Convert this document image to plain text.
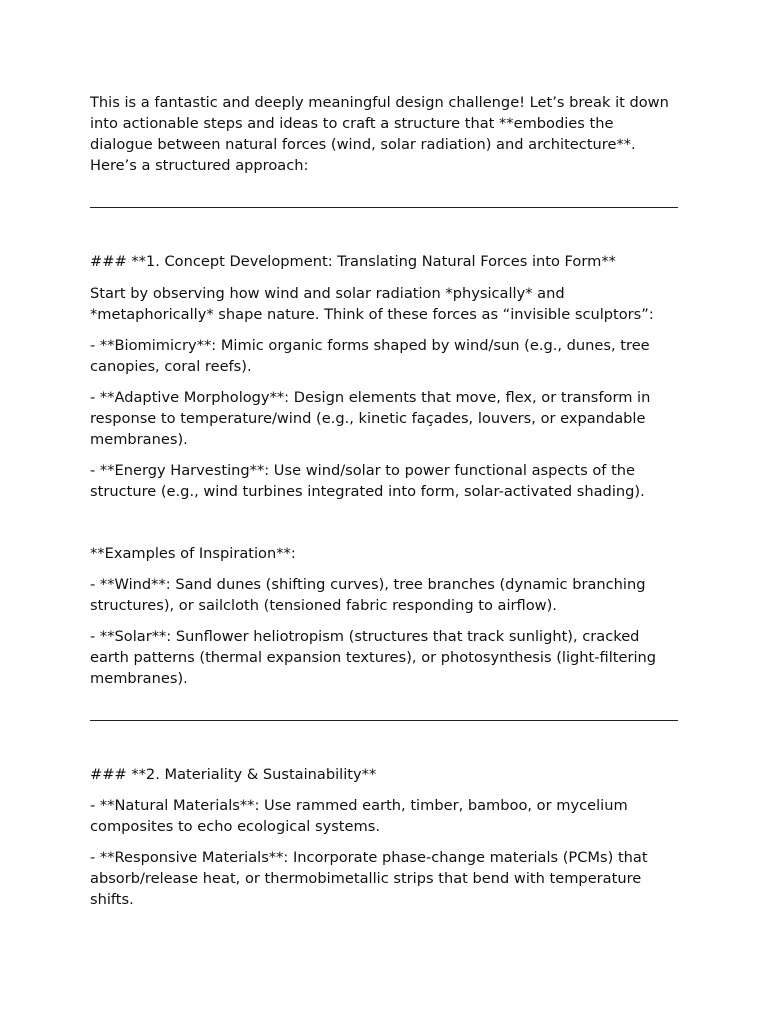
This is a fantastic and deeply meaningful design challenge! Let’s break it down into actionable steps and ideas to craft a structure that **embodies the dialogue between natural forces (wind, solar radiation) and architecture**. Here’s a structured approach:

### **1. Concept Development: Translating Natural Forces into Form**

Start by observing how wind and solar radiation *physically* and *metaphorically* shape nature. Think of these forces as “invisible sculptors”:

- **Biomimicry**: Mimic organic forms shaped by wind/sun (e.g., dunes, tree canopies, coral reefs).

- **Adaptive Morphology**: Design elements that move, flex, or transform in response to temperature/wind (e.g., kinetic façades, louvers, or expandable membranes).

- **Energy Harvesting**: Use wind/solar to power functional aspects of the structure (e.g., wind turbines integrated into form, solar-activated shading).

**Examples of Inspiration**:

- **Wind**: Sand dunes (shifting curves), tree branches (dynamic branching structures), or sailcloth (tensioned fabric responding to airflow).

- **Solar**: Sunflower heliotropism (structures that track sunlight), cracked earth patterns (thermal expansion textures), or photosynthesis (light-filtering membranes).

### **2. Materiality & Sustainability**

- **Natural Materials**: Use rammed earth, timber, bamboo, or mycelium composites to echo ecological systems.

- **Responsive Materials**: Incorporate phase-change materials (PCMs) that absorb/release heat, or thermobimetallic strips that bend with temperature shifts.
